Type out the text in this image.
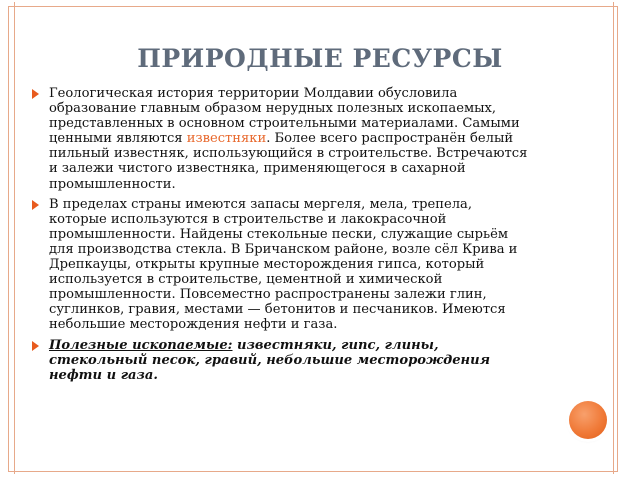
ПРИРОДНЫЕ РЕСУРСЫ
Геологическая история территории Молдавии обусловила образование главным образом нерудных полезных ископаемых, представленных в основном строительными материалами. Самыми ценными являются известняки. Более всего распространён белый пильный известняк, использующийся в строительстве. Встречаются и залежи чистого известняка, применяющегося в сахарной промышленности.
В пределах страны имеются запасы мергеля, мела, трепела, которые используются в строительстве и лакокрасочной промышленности. Найдены стекольные пески, служащие сырьём для производства стекла. В Бричанском районе, возле сёл Крива и Дрепкауцы, открыты крупные месторождения гипса, который используется в строительстве, цементной и химической промышленности. Повсеместно распространены залежи глин, суглинков, гравия, местами — бетонитов и песчаников. Имеются небольшие месторождения нефти и газа.
Полезные ископаемые: известняки, гипс, глины, стекольный песок, гравий, небольшие месторождения нефти и газа.
